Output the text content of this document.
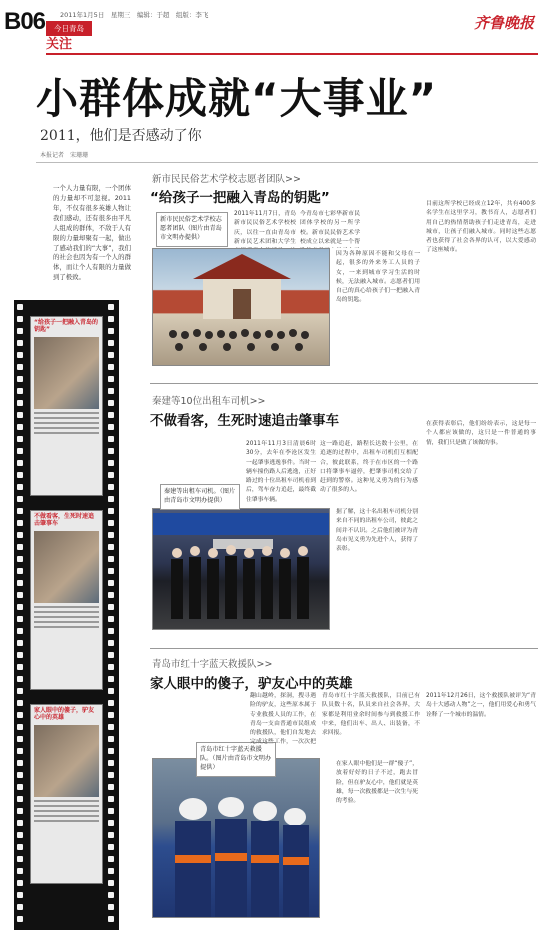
B06 2011年1月5日　星期三　编辑：于超　组版：李飞
今日青岛	齐鲁晚报
关注
小群体成就“大事业”
2011，他们是否感动了你
本报记者　宋珊珊
一个人力量有限，一个团体的力量却不可忽视。2011年，不仅有很多英雄人物让我们感动，还有很多由平凡人组成的群体，不敌于人有限的力量却聚有一起，做出了感动我们的“大事”，我们的社会也因为有一个人的群体，而让个人有限的力量做到了极致。
“给孩子一把融入青岛的钥匙”
不做看客，生死时速追击肇事车
家人眼中的傻子，驴友心中的英雄
新市民民俗艺术学校志愿者团队>>
“给孩子一把融入青岛的钥匙”
新市民民俗艺术学校志愿者团队（图片由青岛市文明办提供）
2011年11月7日，青岛新市民民俗艺术学校校庆，以往一直由青岛市新市民艺术团和大学生
今青岛市七彩华新市民团体学校的另一所学校。新市民民俗艺术学校成立以来就是一个帮
因为各种原因不能和父母在一起，很多的外来务工人员的子女，一来到城市学习生活的时候，无法融入城市。志愿者们用自己的真心给孩子们一把融入青岛的钥匙。
目前这所学校已经成立12年，共有400多名学生在这里学习，教书育人，志愿者们用自己的热情帮助孩子们走进青岛，走进城市，让孩子们融入城市。同时这些志愿者也获得了社会各界的认可，以大爱感动了这座城市。
秦建等10位出租车司机>>
不做看客，生死时速追击肇事车
秦建等出租车司机。（图片由青岛市文明办提供）
2011年11月3日清晨6时30分，去年在李沧区发生一起肇事逃逸事件。当时一辆车撞伤路人后逃逸，正好路过的十位出租车司机看到后，驾车奋力追赶，最终截住肇事车辆。
这一路追赶，路程长达数十公里，在追逐的过程中，出租车司机们互相配合，彼此联系，终于在市区的一个路口将肇事车逼停，把肇事司机交给了赶到的警察。这种见义勇为的行为感动了很多的人。
据了解，这十名出租车司机分别来自不同的出租车公司，彼此之间并不认识。之后他们被评为青岛市见义勇为先进个人，获得了表彰。
在获得表彰后，他们纷纷表示，这是每一个人都应该做的，这只是一件普通的事情，我们只是做了该做的事。
青岛市红十字蓝天救援队>>
家人眼中的傻子，驴友心中的英雄
青岛市红十字蓝天救援队。（图片由青岛市文明办提供）
翻山越岭，探洞，搜寻遇险的驴友，这些原本属于专业救援人员的工作，在青岛一支由普通市民组成的救援队，他们自发地去完成这些工作，一次次把
青岛市红十字蓝天救援队，目前已有队员数十名，队员来自社会各界，大家都是利用业余时间参与到救援工作中来，他们出车、出人、出装备，不求回报。
在家人眼中他们是一群“傻子”，放着好好的日子不过，跑去冒险，但在驴友心中，他们就是英雄，每一次救援都是一次生与死的考验。
2011年12月26日，这个救援队被评为“青岛十大感动人物”之一，他们用爱心和勇气诠释了一个城市的温情。
